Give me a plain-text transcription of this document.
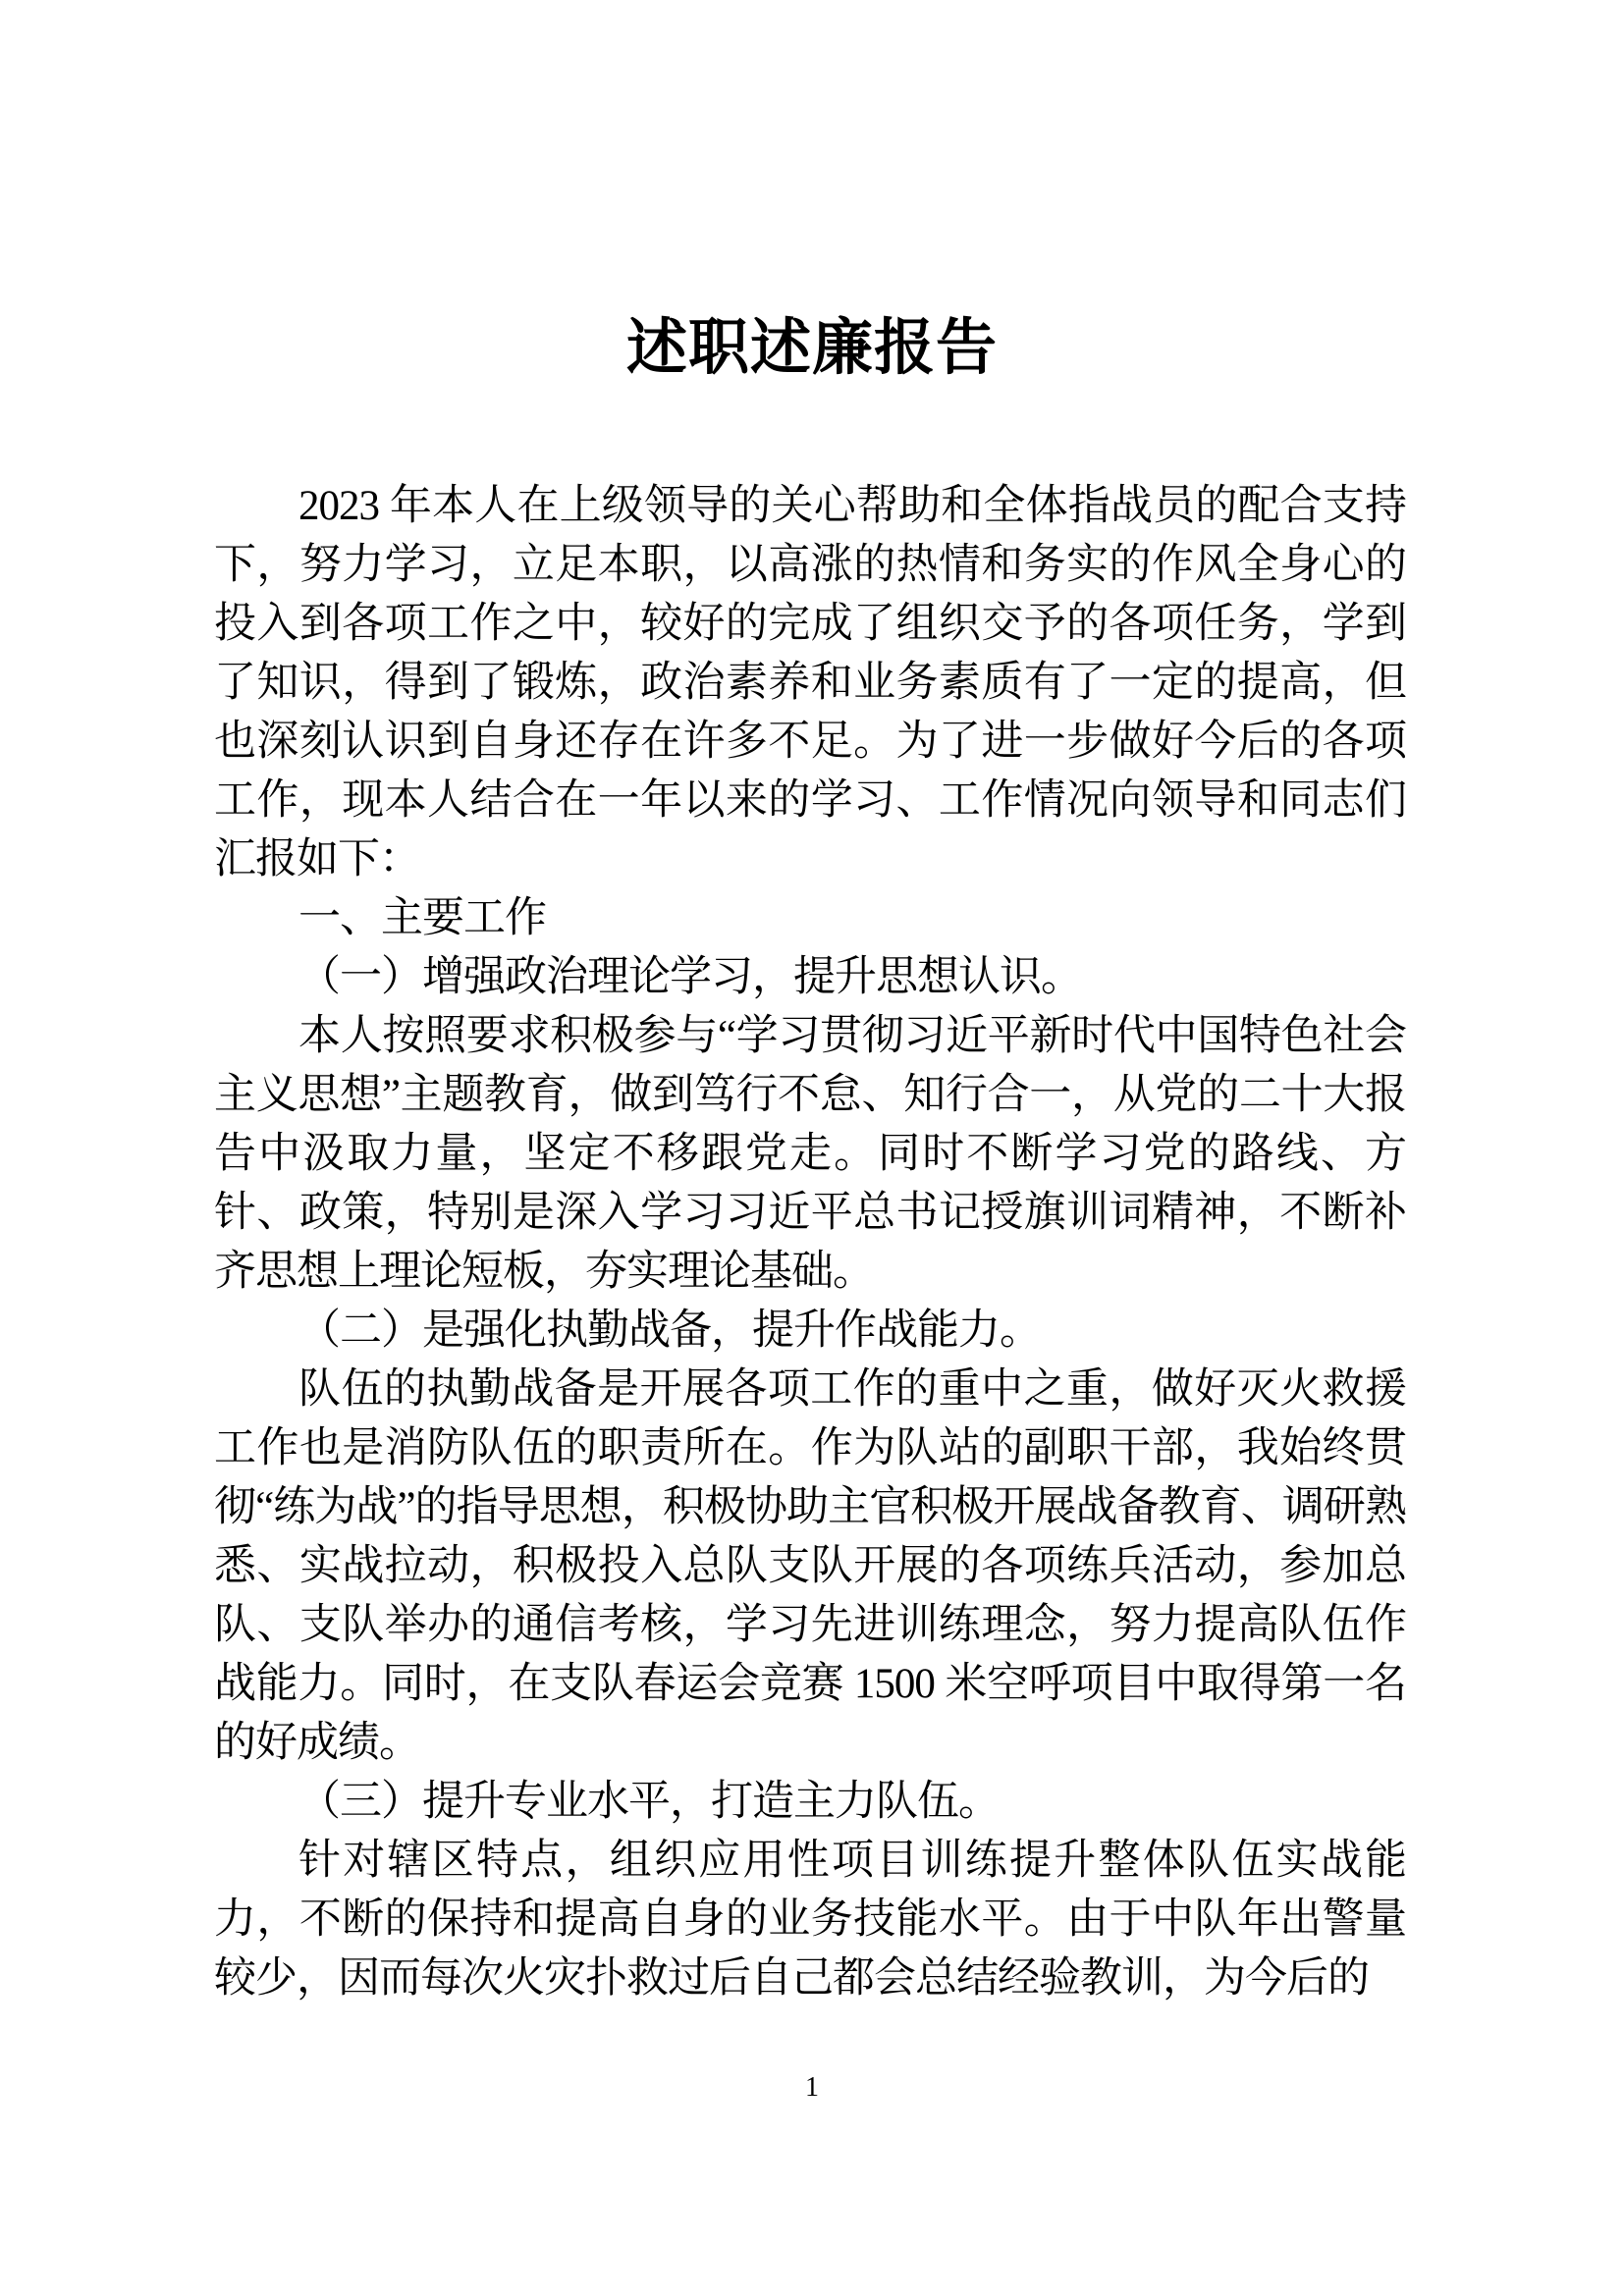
述职述廉报告

2023 年本人在上级领导的关心帮助和全体指战员的配合支持下，努力学习，立足本职，以高涨的热情和务实的作风全身心的投入到各项工作之中，较好的完成了组织交予的各项任务，学到了知识，得到了锻炼，政治素养和业务素质有了一定的提高，但也深刻认识到自身还存在许多不足。为了进一步做好今后的各项工作，现本人结合在一年以来的学习、工作情况向领导和同志们汇报如下：

一、主要工作

（一）增强政治理论学习，提升思想认识。

本人按照要求积极参与“学习贯彻习近平新时代中国特色社会主义思想”主题教育，做到笃行不怠、知行合一，从党的二十大报告中汲取力量，坚定不移跟党走。同时不断学习党的路线、方针、政策，特别是深入学习习近平总书记授旗训词精神，不断补齐思想上理论短板，夯实理论基础。

（二）是强化执勤战备，提升作战能力。

队伍的执勤战备是开展各项工作的重中之重，做好灭火救援工作也是消防队伍的职责所在。作为队站的副职干部，我始终贯彻“练为战”的指导思想，积极协助主官积极开展战备教育、调研熟悉、实战拉动，积极投入总队支队开展的各项练兵活动，参加总队、支队举办的通信考核，学习先进训练理念，努力提高队伍作战能力。同时，在支队春运会竞赛 1500 米空呼项目中取得第一名的好成绩。

（三）提升专业水平，打造主力队伍。

针对辖区特点，组织应用性项目训练提升整体队伍实战能力，不断的保持和提高自身的业务技能水平。由于中队年出警量较少，因而每次火灾扑救过后自己都会总结经验教训，为今后的

1
